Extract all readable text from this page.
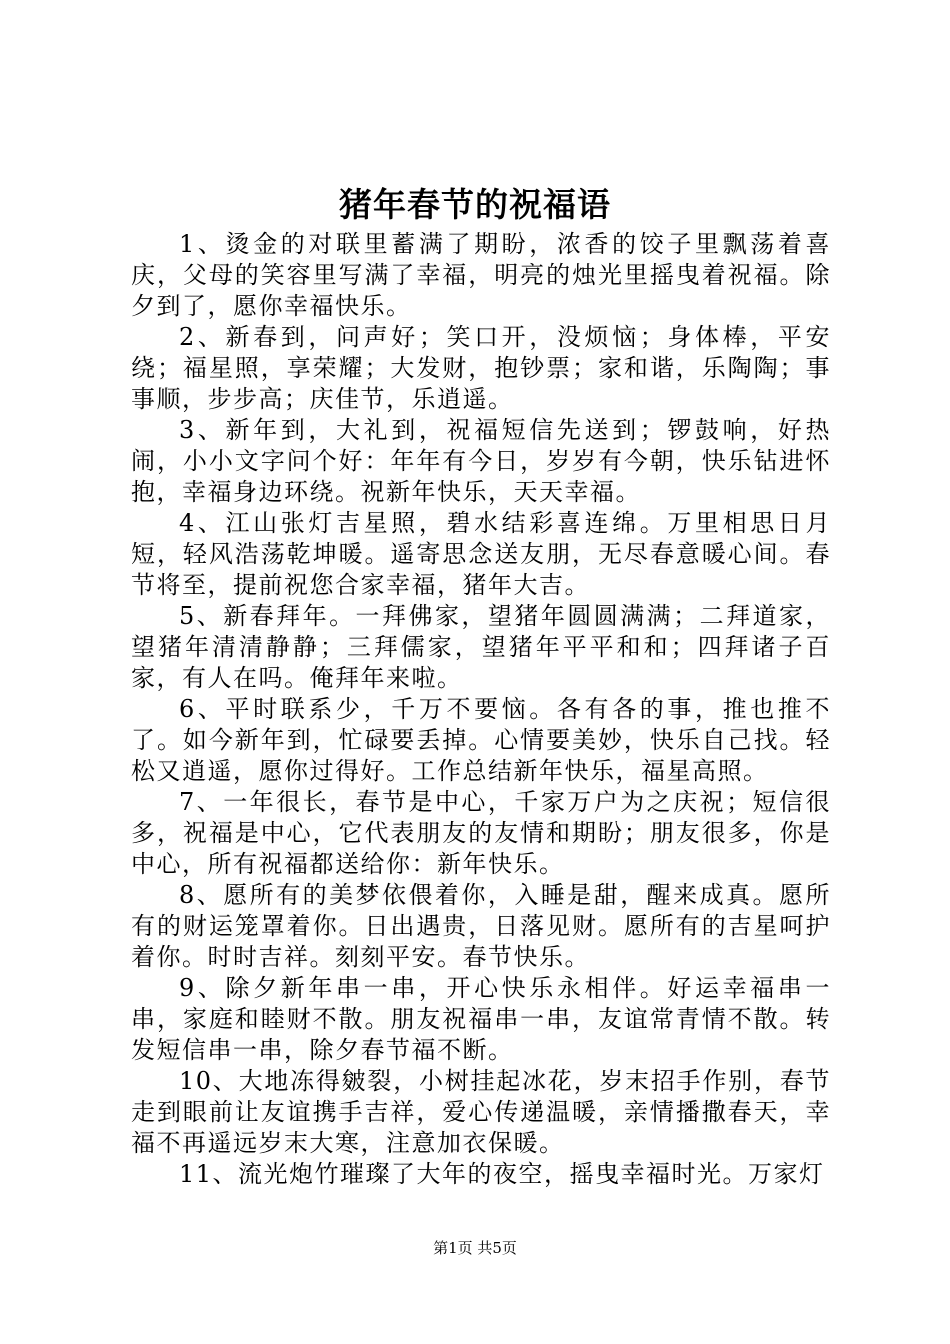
猪年春节的祝福语

1、烫金的对联里蓄满了期盼，浓香的饺子里飘荡着喜庆，父母的笑容里写满了幸福，明亮的烛光里摇曳着祝福。除夕到了，愿你幸福快乐。

2、新春到，问声好；笑口开，没烦恼；身体棒，平安绕；福星照，享荣耀；大发财，抱钞票；家和谐，乐陶陶；事事顺，步步高；庆佳节，乐逍遥。

3、新年到，大礼到，祝福短信先送到；锣鼓响，好热闹，小小文字问个好：年年有今日，岁岁有今朝，快乐钻进怀抱，幸福身边环绕。祝新年快乐，天天幸福。

4、江山张灯吉星照，碧水结彩喜连绵。万里相思日月短，轻风浩荡乾坤暖。遥寄思念送友朋，无尽春意暖心间。春节将至，提前祝您合家幸福，猪年大吉。

5、新春拜年。一拜佛家，望猪年圆圆满满；二拜道家，望猪年清清静静；三拜儒家，望猪年平平和和；四拜诸子百家，有人在吗。俺拜年来啦。

6、平时联系少，千万不要恼。各有各的事，推也推不了。如今新年到，忙碌要丢掉。心情要美妙，快乐自己找。轻松又逍遥，愿你过得好。工作总结新年快乐，福星高照。

7、一年很长，春节是中心，千家万户为之庆祝；短信很多，祝福是中心，它代表朋友的友情和期盼；朋友很多，你是中心，所有祝福都送给你：新年快乐。

8、愿所有的美梦依偎着你，入睡是甜，醒来成真。愿所有的财运笼罩着你。日出遇贵，日落见财。愿所有的吉星呵护着你。时时吉祥。刻刻平安。春节快乐。

9、除夕新年串一串，开心快乐永相伴。好运幸福串一串，家庭和睦财不散。朋友祝福串一串，友谊常青情不散。转发短信串一串，除夕春节福不断。

10、大地冻得皴裂，小树挂起冰花，岁末招手作别，春节走到眼前让友谊携手吉祥，爱心传递温暖，亲情播撒春天，幸福不再遥远岁末大寒，注意加衣保暖。

11、流光炮竹璀璨了大年的夜空，摇曳幸福时光。万家灯

第1页 共5页
